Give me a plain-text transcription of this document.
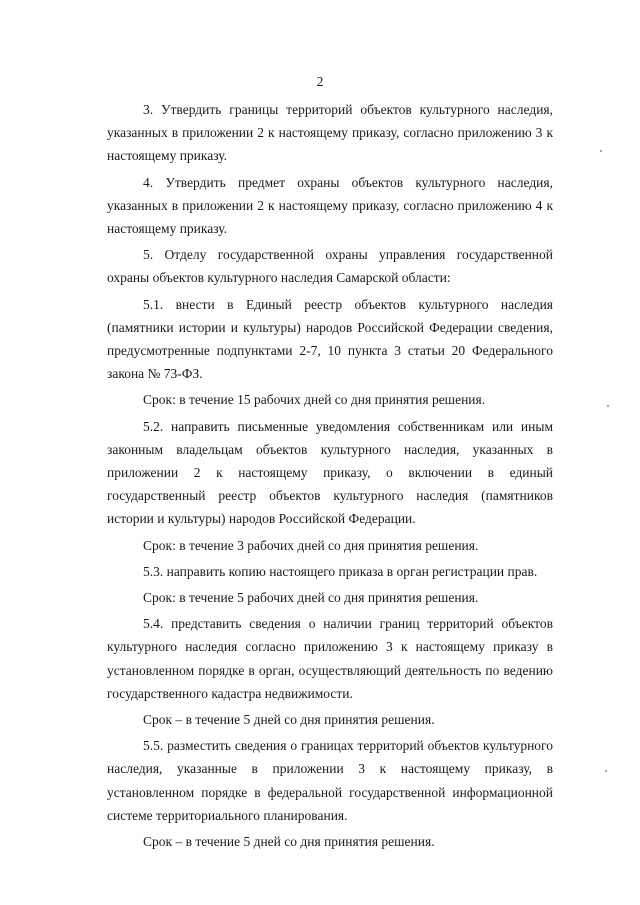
2

3. Утвердить границы территорий объектов культурного наследия, указанных в приложении 2 к настоящему приказу, согласно приложению 3 к настоящему приказу.

4. Утвердить предмет охраны объектов культурного наследия, указанных в приложении 2 к настоящему приказу, согласно приложению 4 к настоящему приказу.

5. Отделу государственной охраны управления государственной охраны объектов культурного наследия Самарской области:

5.1. внести в Единый реестр объектов культурного наследия (памятники истории и культуры) народов Российской Федерации сведения, предусмотренные подпунктами 2-7, 10 пункта 3 статьи 20 Федерального закона № 73-ФЗ.

Срок: в течение 15 рабочих дней со дня принятия решения.

5.2. направить письменные уведомления собственникам или иным законным владельцам объектов культурного наследия, указанных в приложении 2 к настоящему приказу, о включении в единый государственный реестр объектов культурного наследия (памятников истории и культуры) народов Российской Федерации.

Срок: в течение 3 рабочих дней со дня принятия решения.

5.3. направить копию настоящего приказа в орган регистрации прав.

Срок: в течение 5 рабочих дней со дня принятия решения.

5.4. представить сведения о наличии границ территорий объектов культурного наследия согласно приложению 3 к настоящему приказу в установленном порядке в орган, осуществляющий деятельность по ведению государственного кадастра недвижимости.

Срок – в течение 5 дней со дня принятия решения.

5.5. разместить сведения о границах территорий объектов культурного наследия, указанные в приложении 3 к настоящему приказу, в установленном порядке в федеральной государственной информационной системе территориального планирования.

Срок – в течение 5 дней со дня принятия решения.
